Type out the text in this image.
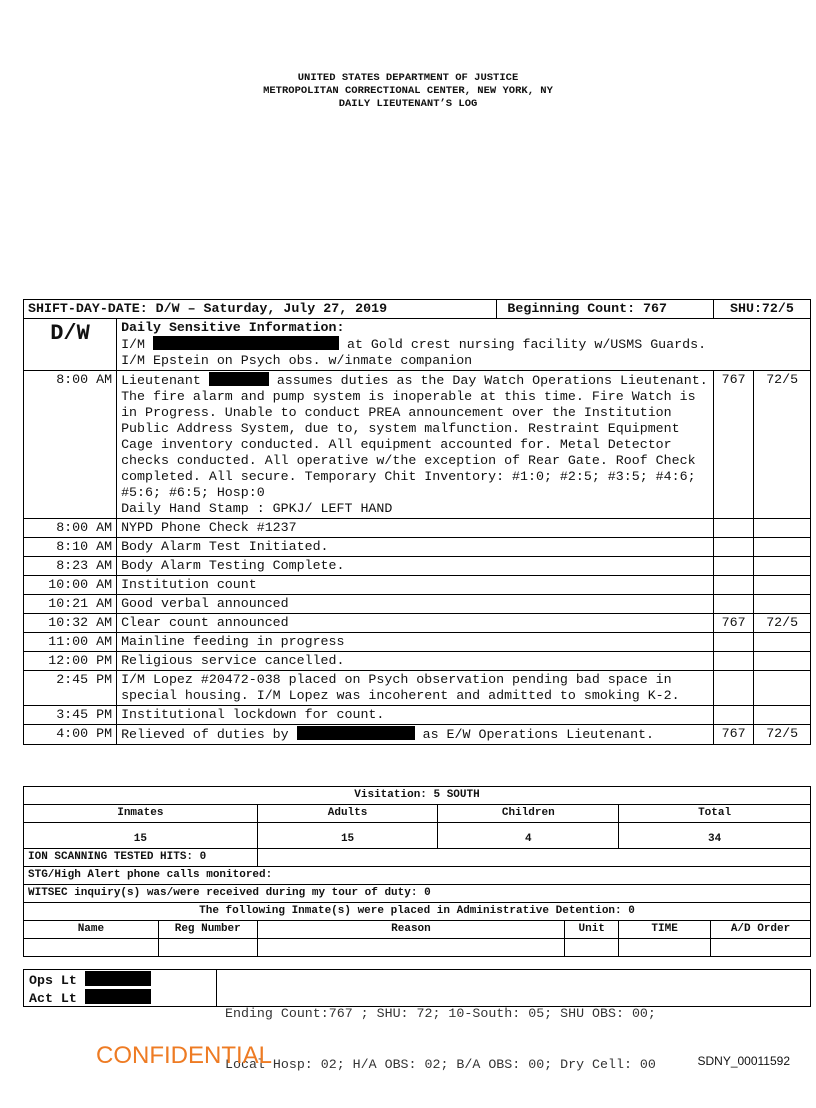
UNITED STATES DEPARTMENT OF JUSTICE
METROPOLITAN CORRECTIONAL CENTER, NEW YORK, NY
DAILY LIEUTENANT’S LOG
SHIFT-DAY-DATE: D/W – Saturday, July 27, 2019		Beginning Count: 767	SHU:72/5	
D/W	Daily Sensitive Information:
I/M at Gold crest nursing facility w/USMS Guards.
I/M Epstein on Psych obs. w/inmate companion			

8:00 AM	Lieutenant assumes duties as the Day Watch Operations Lieutenant. The fire alarm and pump system is inoperable at this time. Fire Watch is in Progress. Unable to conduct PREA announcement over the Institution Public Address System, due to, system malfunction. Restraint Equipment Cage inventory conducted. All equipment accounted for. Metal Detector checks conducted. All operative w/the exception of Rear Gate. Roof Check completed. All secure. Temporary Chit Inventory: #1:0; #2:5; #3:5; #4:6; #5:6; #6:5; Hosp:0
Daily Hand Stamp : GPKJ/ LEFT HAND		767	72/5
8:00 AM	NYPD Phone Check #1237			
8:10 AM	Body Alarm Test Initiated.			
8:23 AM	Body Alarm Testing Complete.			
10:00 AM	Institution count			
10:21 AM	Good verbal announced			
10:32 AM	Clear count announced		767	72/5
11:00 AM	Mainline feeding in progress			
12:00 PM	Religious service cancelled.			
2:45 PM	I/M Lopez #20472-038 placed on Psych observation pending bad space in special housing. I/M Lopez was incoherent and admitted to smoking K-2.			
3:45 PM	Institutional lockdown for count.			
4:00 PM	Relieved of duties by as E/W Operations Lieutenant.		767	72/5
Visitation: 5 SOUTH						
Inmates		Adults	Children		Total	
15		15	4		34	
ION SCANNING TESTED HITS: 0						
STG/High Alert phone calls monitored:						
WITSEC inquiry(s) was/were received during my tour of duty: 0						
The following Inmate(s) were placed in Administrative Detention: 0						
Name	Reg Number	Reason		Unit	TIME	A/D Order

Ops Lt
Act Lt

Ending Count:767 ; SHU: 72; 10-South: 05; SHU OBS: 00;

Local Hosp: 02; H/A OBS: 02; B/A OBS: 00; Dry Cell: 00

CONFIDENTIAL	SDNY_00011592
